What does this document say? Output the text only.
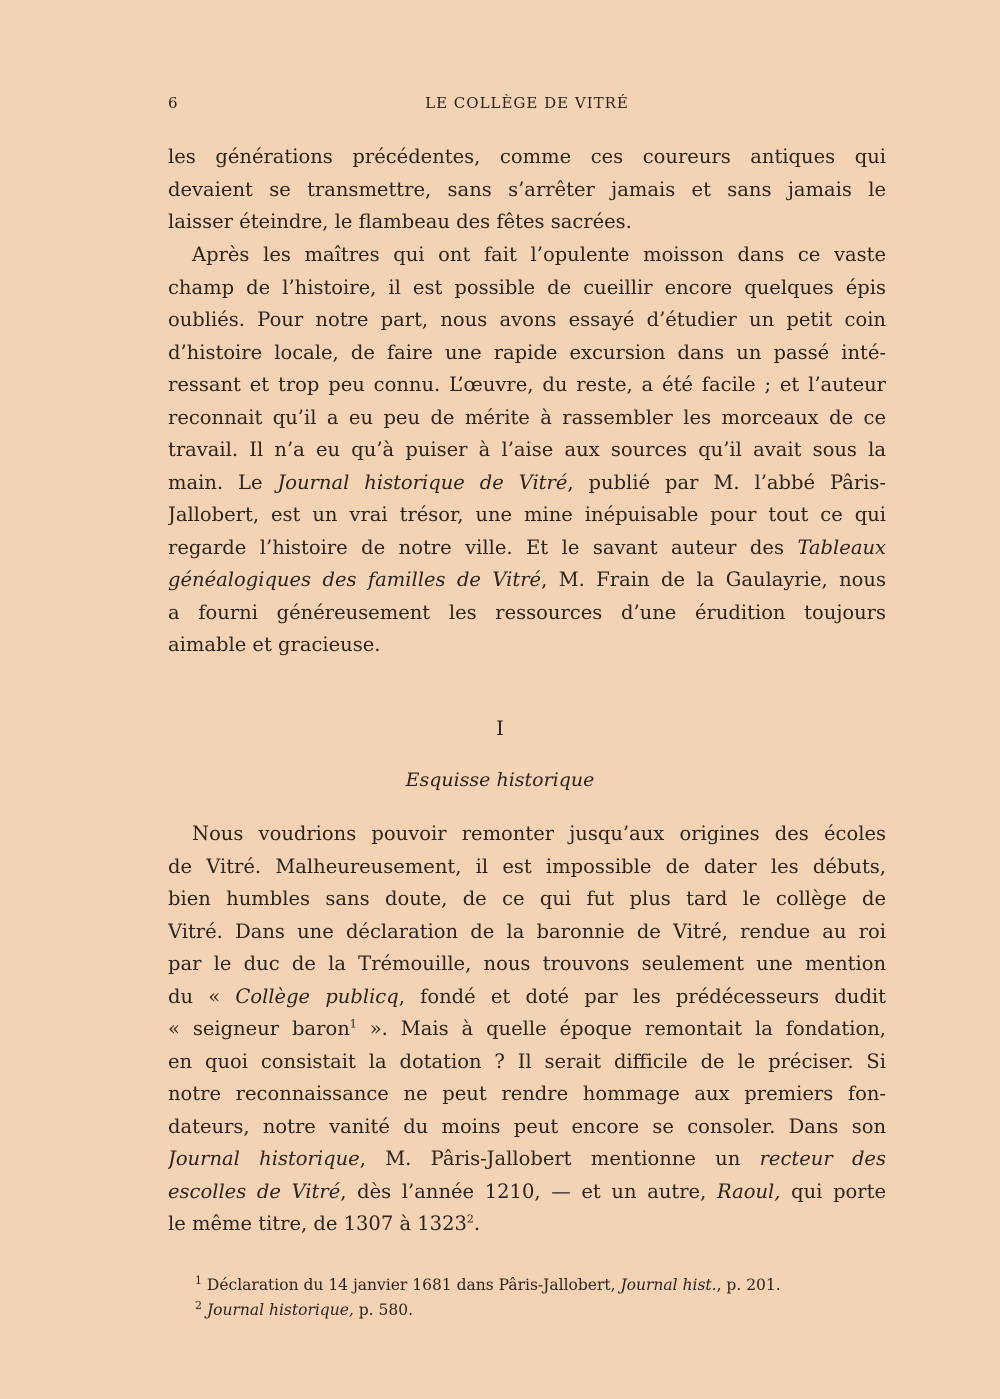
6	LE COLLÈGE DE VITRÉ
les générations précédentes, comme ces coureurs antiques qui
devaient se transmettre, sans s’arrêter jamais et sans jamais le
laisser éteindre, le flambeau des fêtes sacrées.
Après les maîtres qui ont fait l’opulente moisson dans ce vaste
champ de l’histoire, il est possible de cueillir encore quelques épis
oubliés. Pour notre part, nous avons essayé d’étudier un petit coin
d’histoire locale, de faire une rapide excursion dans un passé inté-
ressant et trop peu connu. L’œuvre, du reste, a été facile ; et l’auteur
reconnait qu’il a eu peu de mérite à rassembler les morceaux de ce
travail. Il n’a eu qu’à puiser à l’aise aux sources qu’il avait sous la
main. Le Journal historique de Vitré, publié par M. l’abbé Pâris-
Jallobert, est un vrai trésor, une mine inépuisable pour tout ce qui
regarde l’histoire de notre ville. Et le savant auteur des Tableaux
généalogiques des familles de Vitré, M. Frain de la Gaulayrie, nous
a fourni généreusement les ressources d’une érudition toujours
aimable et gracieuse.
I
Esquisse historique
Nous voudrions pouvoir remonter jusqu’aux origines des écoles
de Vitré. Malheureusement, il est impossible de dater les débuts,
bien humbles sans doute, de ce qui fut plus tard le collège de
Vitré. Dans une déclaration de la baronnie de Vitré, rendue au roi
par le duc de la Trémouille, nous trouvons seulement une mention
du « Collège publicq, fondé et doté par les prédécesseurs dudit
« seigneur baron$^1$ ». Mais à quelle époque remontait la fondation,
en quoi consistait la dotation ? Il serait difficile de le préciser. Si
notre reconnaissance ne peut rendre hommage aux premiers fon-
dateurs, notre vanité du moins peut encore se consoler. Dans son
Journal historique, M. Pâris-Jallobert mentionne un recteur des
escolles de Vitré, dès l’année 1210, — et un autre, Raoul, qui porte
le même titre, de 1307 à 1323$^2$.
$^1$ Déclaration du 14 janvier 1681 dans Pâris-Jallobert, Journal hist., p. 201.
$^2$ Journal historique, p. 580.
